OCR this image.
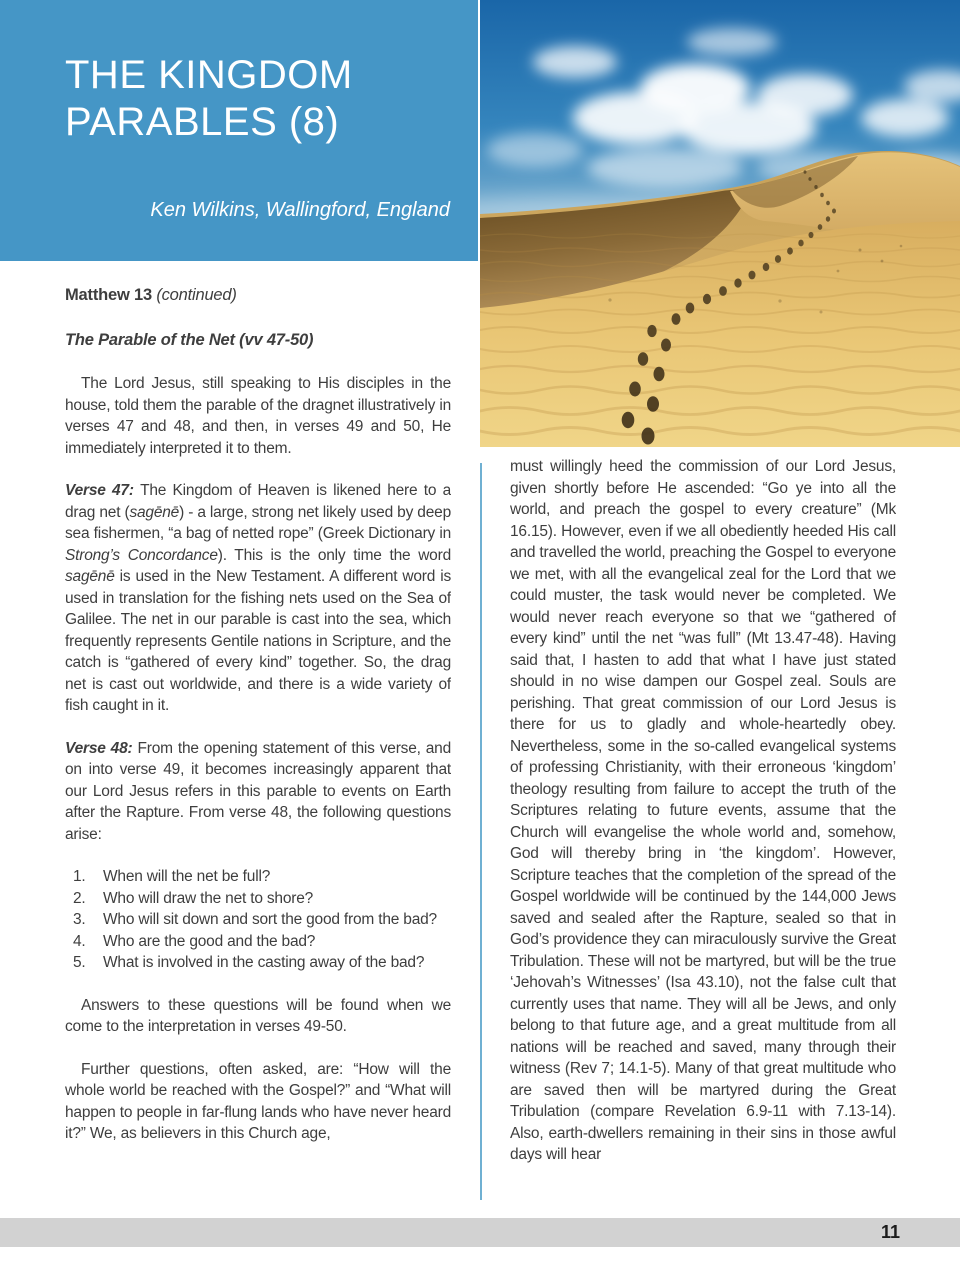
THE KINGDOM
PARABLES (8)
Ken Wilkins, Wallingford, England

Matthew 13 (continued)

The Parable of the Net (vv 47-50)

The Lord Jesus, still speaking to His disciples in the house, told them the parable of the dragnet illustratively in verses 47 and 48, and then, in verses 49 and 50, He immediately interpreted it to them.

Verse 47: The Kingdom of Heaven is likened here to a drag net (sagēnē) - a large, strong net likely used by deep sea fishermen, “a bag of netted rope” (Greek Dictionary in Strong’s Concordance). This is the only time the word sagēnē is used in the New Testament. A different word is used in translation for the fishing nets used on the Sea of Galilee. The net in our parable is cast into the sea, which frequently represents Gentile nations in Scripture, and the catch is “gathered of every kind” together. So, the drag net is cast out worldwide, and there is a wide variety of fish caught in it.

Verse 48: From the opening statement of this verse, and on into verse 49, it becomes increasingly apparent that our Lord Jesus refers in this parable to events on Earth after the Rapture. From verse 48, the following questions arise:

1.	When will the net be full?
2.	Who will draw the net to shore?
3.	Who will sit down and sort the good from the bad?
4.	Who are the good and the bad?
5.	What is involved in the casting away of the bad?

Answers to these questions will be found when we come to the interpretation in verses 49-50.

Further questions, often asked, are: “How will the whole world be reached with the Gospel?” and “What will happen to people in far-flung lands who have never heard it?” We, as believers in this Church age,

must willingly heed the commission of our Lord Jesus, given shortly before He ascended: “Go ye into all the world, and preach the gospel to every creature” (Mk 16.15). However, even if we all obediently heeded His call and travelled the world, preaching the Gospel to everyone we met, with all the evangelical zeal for the Lord that we could muster, the task would never be completed. We would never reach everyone so that we “gathered of every kind” until the net “was full” (Mt 13.47-48). Having said that, I hasten to add that what I have just stated should in no wise dampen our Gospel zeal. Souls are perishing. That great commission of our Lord Jesus is there for us to gladly and whole-heartedly obey. Nevertheless, some in the so-called evangelical systems of professing Christianity, with their erroneous ‘kingdom’ theology resulting from failure to accept the truth of the Scriptures relating to future events, assume that the Church will evangelise the whole world and, somehow, God will thereby bring in ‘the kingdom’. However, Scripture teaches that the completion of the spread of the Gospel worldwide will be continued by the 144,000 Jews saved and sealed after the Rapture, sealed so that in God’s providence they can miraculously survive the Great Tribulation. These will not be martyred, but will be the true ‘Jehovah’s Witnesses’ (Isa 43.10), not the false cult that currently uses that name. They will all be Jews, and only belong to that future age, and a great multitude from all nations will be reached and saved, many through their witness (Rev 7; 14.1-5). Many of that great multitude who are saved then will be martyred during the Great Tribulation (compare Revelation 6.9-11 with 7.13-14). Also, earth-dwellers remaining in their sins in those awful days will hear

11
